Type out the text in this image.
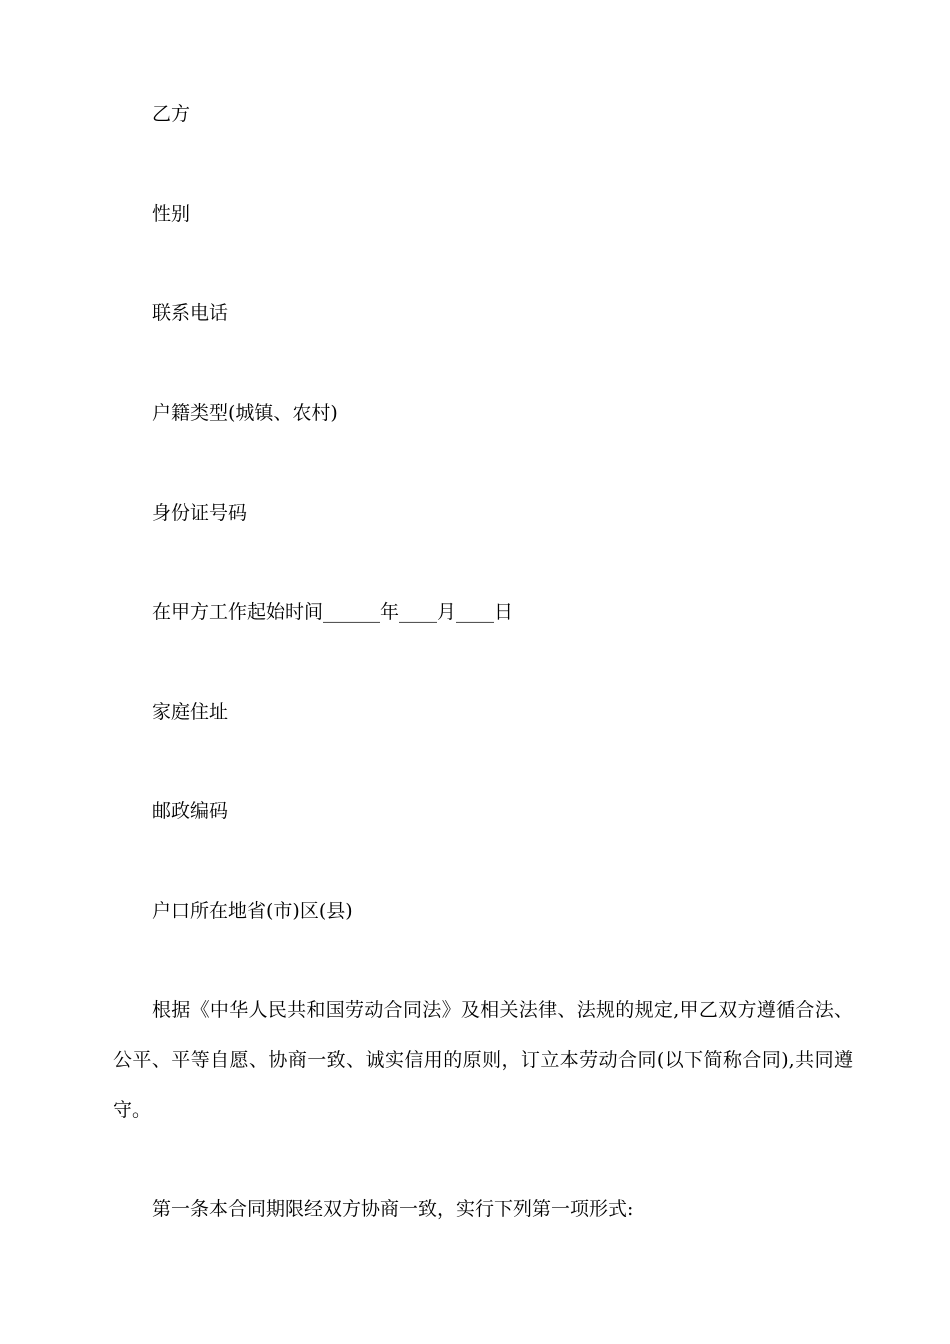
乙方
性别
联系电话
户籍类型(城镇、农村)
身份证号码
在甲方工作起始时间______年____月____日
家庭住址
邮政编码
户口所在地省(市)区(县)
根据《中华人民共和国劳动合同法》及相关法律、法规的规定,甲乙双方遵循合法、公平、平等自愿、协商一致、诚实信用的原则，订立本劳动合同(以下简称合同),共同遵守。
第一条本合同期限经双方协商一致，实行下列第一项形式:
